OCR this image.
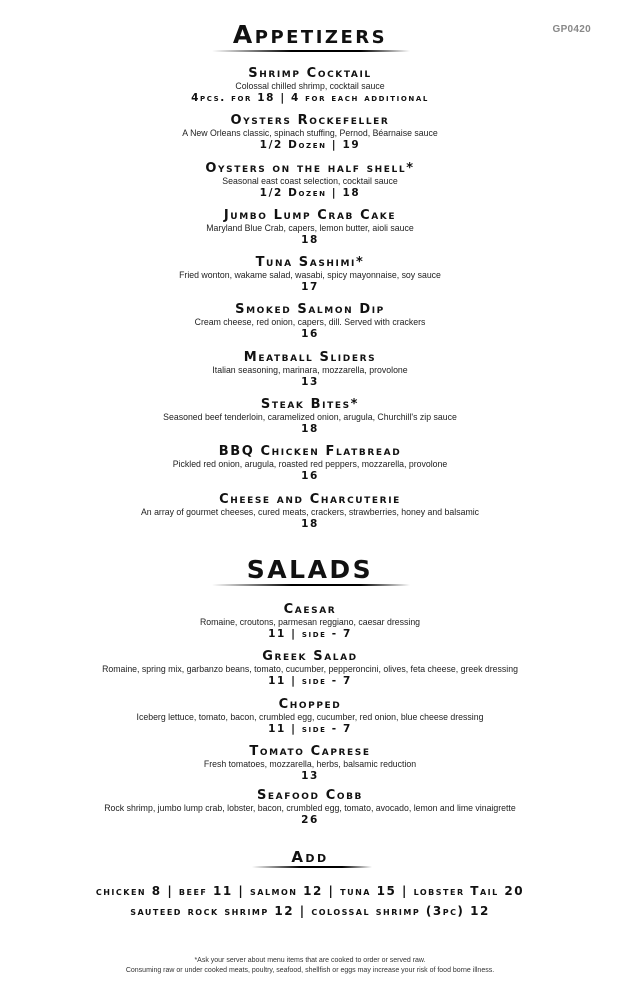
GP0420
Appetizers
Shrimp Cocktail
Colossal chilled shrimp, cocktail sauce
4pcs. for 18 | 4 for each additional
Oysters Rockefeller
A New Orleans classic, spinach stuffing, Pernod, Béarnaise sauce
1/2 Dozen | 19
Oysters on the half shell*
Seasonal east coast selection, cocktail sauce
1/2 Dozen | 18
Jumbo Lump Crab Cake
Maryland Blue Crab, capers, lemon butter, aioli sauce
18
Tuna Sashimi*
Fried wonton, wakame salad, wasabi, spicy mayonnaise, soy sauce
17
Smoked Salmon Dip
Cream cheese, red onion, capers, dill. Served with crackers
16
Meatball Sliders
Italian seasoning, marinara, mozzarella, provolone
13
Steak Bites*
Seasoned beef tenderloin, caramelized onion, arugula, Churchill's zip sauce
18
BBQ Chicken Flatbread
Pickled red onion, arugula, roasted red peppers, mozzarella, provolone
16
Cheese and Charcuterie
An array of gourmet cheeses, cured meats, crackers, strawberries, honey and balsamic
18
SALADS
Caesar
Romaine, croutons, parmesan reggiano, caesar dressing
11 | side - 7
Greek Salad
Romaine, spring mix, garbanzo beans, tomato, cucumber, pepperoncini, olives, feta cheese, greek dressing
11 | side - 7
Chopped
Iceberg lettuce, tomato, bacon, crumbled egg, cucumber, red onion, blue cheese dressing
11 | side - 7
Tomato Caprese
Fresh tomatoes, mozzarella, herbs, balsamic reduction
13
Seafood Cobb
Rock shrimp, jumbo lump crab, lobster, bacon, crumbled egg, tomato, avocado, lemon and lime vinaigrette
26
Add
chicken 8 | beef 11 | salmon 12 | tuna 15 | lobster Tail 20
sauteed rock shrimp 12 | colossal shrimp (3pc) 12
*Ask your server about menu items that are cooked to order or served raw.
Consuming raw or under cooked meats, poultry, seafood, shellfish or eggs may increase your risk of food borne illness.
